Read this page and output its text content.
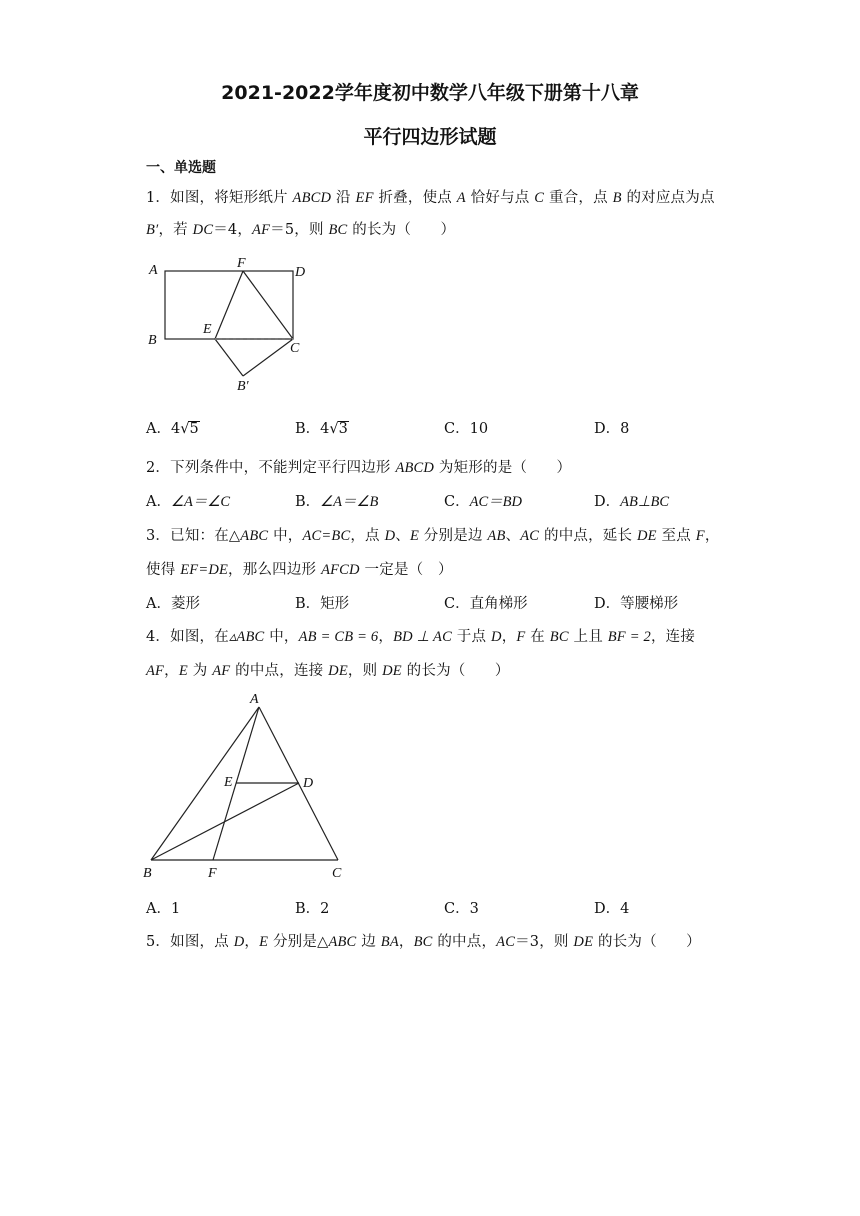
2021-2022学年度初中数学八年级下册第十八章
平行四边形试题
一、单选题
1．如图，将矩形纸片 ABCD 沿 EF 折叠，使点 A 恰好与点 C 重合，点 B 的对应点为点
B′，若 DC＝4，AF＝5，则 BC 的长为（　　）
A	F
D
B
E
C
B′
A．4√5	B．4√3	C．10	D．8
2．下列条件中，不能判定平行四边形 ABCD 为矩形的是（　　）
A．∠A＝∠C	B．∠A＝∠B	C．AC＝BD	D．AB⊥BC
3．已知：在△ABC 中，AC=BC，点 D、E 分别是边 AB、AC 的中点，延长 DE 至点 F，
使得 EF=DE，那么四边形 AFCD 一定是（　）
A．菱形	B．矩形	C．直角梯形	D．等腰梯形
4．如图，在▵ABC 中，AB = CB = 6，BD ⊥ AC 于点 D，F 在 BC 上且 BF = 2，连接
AF，E 为 AF 的中点，连接 DE，则 DE 的长为（　　）
A
E	D
B	F	C
A．1	B．2	C．3	D．4
5．如图，点 D，E 分别是△ABC 边 BA，BC 的中点，AC＝3，则 DE 的长为（　　）
